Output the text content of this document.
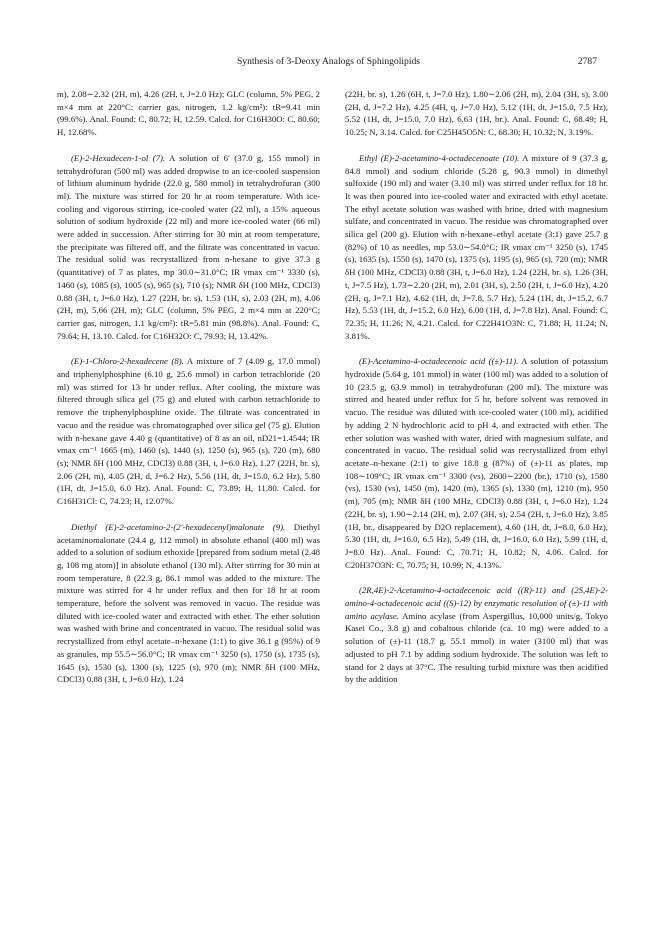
Synthesis of 3-Deoxy Analogs of Sphingolipids	2787

m), 2.08∼2.32 (2H, m), 4.26 (2H, t, J=2.0 Hz); GLC (column, 5% PEG, 2 m×4 mm at 220°C: carrier gas, nitrogen, 1.2 kg/cm²): tR=9.41 min (99.6%). Anal. Found: C, 80.72; H, 12.59. Calcd. for C16H30O: C, 80.60; H, 12.68%.

(E)-2-Hexadecen-1-ol (7). A solution of 6′ (37.0 g, 155 mmol) in tetrahydrofuran (500 ml) was added dropwise to an ice-cooled suspension of lithium aluminum hydride (22.0 g, 580 mmol) in tetrahydrofuran (300 ml). The mixture was stirred for 20 hr at room temperature. With ice-cooling and vigorous stirring, ice-cooled water (22 ml), a 15% aqueous solution of sodium hydroxide (22 ml) and more ice-cooled water (66 ml) were added in succession. After stirring for 30 min at room temperature, the precipitate was filtered off, and the filtrate was concentrated in vacuo. The residual solid was recrystallized from n-hexane to give 37.3 g (quantitative) of 7 as plates, mp 30.0∼31.0°C; IR νmax cm⁻¹ 3330 (s), 1460 (s), 1085 (s), 1005 (s), 965 (s), 710 (s); NMR δH (100 MHz, CDCl3) 0.88 (3H, t, J=6.0 Hz), 1.27 (22H, br. s), 1.53 (1H, s), 2.03 (2H, m), 4.06 (2H, m), 5.66 (2H, m); GLC (column, 5% PEG, 2 m×4 mm at 220°C; carrier gas, nitrogen, 1.1 kg/cm²): tR=5.81 min (98.8%). Anal. Found: C, 79.64; H, 13.10. Calcd. for C16H32O: C, 79.93; H, 13.42%.

(E)-1-Chloro-2-hexadecene (8). A mixture of 7 (4.09 g, 17.0 mmol) and triphenylphosphine (6.10 g, 25.6 mmol) in carbon tetrachloride (20 ml) was stirred for 13 hr under reflux. After cooling, the mixture was filtered through silica gel (75 g) and eluted with carbon tetrachloride to remove the triphenylphosphine oxide. The filtrate was concentrated in vacuo and the residue was chromatographed over silica gel (75 g). Elution with n-hexane gave 4.40 g (quantitative) of 8 as an oil, nD21=1.4544; IR νmax cm⁻¹ 1665 (m), 1460 (s), 1440 (s), 1250 (s), 965 (s), 720 (m), 680 (s); NMR δH (100 MHz, CDCl3) 0.88 (3H, t, J=6.0 Hz), 1.27 (22H, br. s), 2.06 (2H, m), 4.05 (2H, d, J=6.2 Hz), 5.56 (1H, dt, J=15.0, 6.2 Hz), 5.80 (1H, dt, J=15.0, 6.0 Hz). Anal. Found: C, 73.89; H, 11.80. Calcd. for C16H31Cl: C, 74.23; H, 12.07%.

Diethyl (E)-2-acetamino-2-(2′-hexadecenyl)malonate (9). Diethyl acetaminomalonate (24.4 g, 112 mmol) in absolute ethanol (400 ml) was added to a solution of sodium ethoxide [prepared from sodium metal (2.48 g, 108 mg atom)] in absolute ethanol (130 ml). After stirring for 30 min at room temperature, 8 (22.3 g, 86.1 mmol was added to the mixture. The mixture was stirred for 4 hr under reflux and then for 18 hr at room temperature, before the solvent was removed in vacuo. The residue was diluted with ice-cooled water and extracted with ether. The ether solution was washed with brine and concentrated in vacuo. The residual solid was recrystallized from ethyl acetate–n-hexane (1:1) to give 36.1 g (95%) of 9 as granules, mp 55.5∼56.0°C; IR νmax cm⁻¹ 3250 (s), 1750 (s), 1735 (s), 1645 (s), 1530 (s), 1300 (s), 1225 (s), 970 (m); NMR δH (100 MHz, CDCl3) 0.88 (3H, t, J=6.0 Hz), 1.24

(22H, br. s), 1.26 (6H, t, J=7.0 Hz), 1.80∼2.06 (2H, m), 2.04 (3H, s), 3.00 (2H, d, J=7.2 Hz), 4.25 (4H, q, J=7.0 Hz), 5.12 (1H, dt, J=15.0, 7.5 Hz), 5.52 (1H, dt, J=15.0, 7.0 Hz), 6.63 (1H, br.). Anal. Found: C, 68.49; H, 10.25; N, 3.14. Calcd. for C25H45O5N: C, 68.30; H, 10.32; N, 3.19%.

Ethyl (E)-2-acetamino-4-octadecenoate (10). A mixture of 9 (37.3 g, 84.8 mmol) and sodium chloride (5.28 g, 90.3 mmol) in dimethyl sulfoxide (190 ml) and water (3.10 ml) was stirred under reflux for 18 hr. It was then poured into ice-cooled water and extracted with ethyl acetate. The ethyl acetate solution was washed with brine, dried with magnesium sulfate, and concentrated in vacuo. The residue was chromatographed over silica gel (200 g). Elution with n-hexane–ethyl acetate (3:1) gave 25.7 g (82%) of 10 as needles, mp 53.0∼54.0°C; IR νmax cm⁻¹ 3250 (s), 1745 (s), 1635 (s), 1550 (s), 1470 (s), 1375 (s), 1195 (s), 965 (s), 720 (m); NMR δH (100 MHz, CDCl3) 0.88 (3H, t, J=6.0 Hz), 1.24 (22H, br. s), 1.26 (3H, t, J=7.5 Hz), 1.73∼2.20 (2H, m), 2.01 (3H, s), 2.50 (2H, t, J=6.0 Hz), 4.20 (2H, q, J=7.1 Hz), 4.62 (1H, dt, J=7.8, 5.7 Hz), 5.24 (1H, dt, J=15.2, 6.7 Hz), 5.53 (1H, dt, J=15.2, 6.0 Hz), 6.00 (1H, d, J=7.8 Hz). Anal. Found: C, 72.35; H, 11.26; N, 4.21. Calcd. for C22H41O3N: C, 71.88; H, 11.24; N, 3.81%.

(E)-Acetamino-4-octadecenoic acid ((±)-11). A solution of potassium hydroxide (5.64 g, 101 mmol) in water (100 ml) was added to a solution of 10 (23.5 g, 63.9 mmol) in tetrahydrofuran (200 ml). The mixture was stirred and heated under reflux for 5 hr, before solvent was removed in vacuo. The residue was diluted with ice-cooled water (100 ml), acidified by adding 2 N hydrochloric acid to pH 4, and extracted with ether. The ether solution was washed with water, dried with magnesium sulfate, and concentrated in vacuo. The residual solid was recrystallized from ethyl acetate–n-hexane (2:1) to give 18.8 g (87%) of (±)-11 as plates, mp 108∼109°C; IR νmax cm⁻¹ 3300 (vs), 2600∼2200 (br.), 1710 (s), 1580 (vs), 1530 (vs), 1450 (m), 1420 (m), 1365 (s), 1330 (m), 1210 (m), 950 (m), 705 (m); NMR δH (100 MHz, CDCl3) 0.88 (3H, t, J=6.0 Hz), 1.24 (22H, br. s), 1.90∼2.14 (2H, m), 2.07 (3H, s), 2.54 (2H, t, J=6.0 Hz), 3.85 (1H, br., disappeared by D2O replacement), 4.60 (1H, dt, J=8.0, 6.0 Hz), 5.30 (1H, dt, J=16.0, 6.5 Hz), 5.49 (1H, dt, J=16.0, 6.0 Hz), 5.99 (1H, d, J=8.0 Hz). Anal. Found: C, 70.71; H, 10.82; N, 4.06. Calcd. for C20H37O3N: C, 70.75; H, 10.99; N, 4.13%.

(2R,4E)-2-Acetamino-4-octadecenoic acid ((R)-11) and (2S,4E)-2-amino-4-octadecenoic acid ((S)-12) by enzymatic resolution of (±)-11 with amino acylase. Amino acylase (from Aspergillus, 10,000 units/g, Tokyo Kasei Co., 3.8 g) and cobaltous chloride (ca. 10 mg) were added to a solution of (±)-11 (18.7 g, 55.1 mmol) in water (3100 ml) that was adjusted to pH 7.1 by adding sodium hydroxide. The solution was left to stand for 2 days at 37°C. The resulting turbid mixture was then acidified by the addition
